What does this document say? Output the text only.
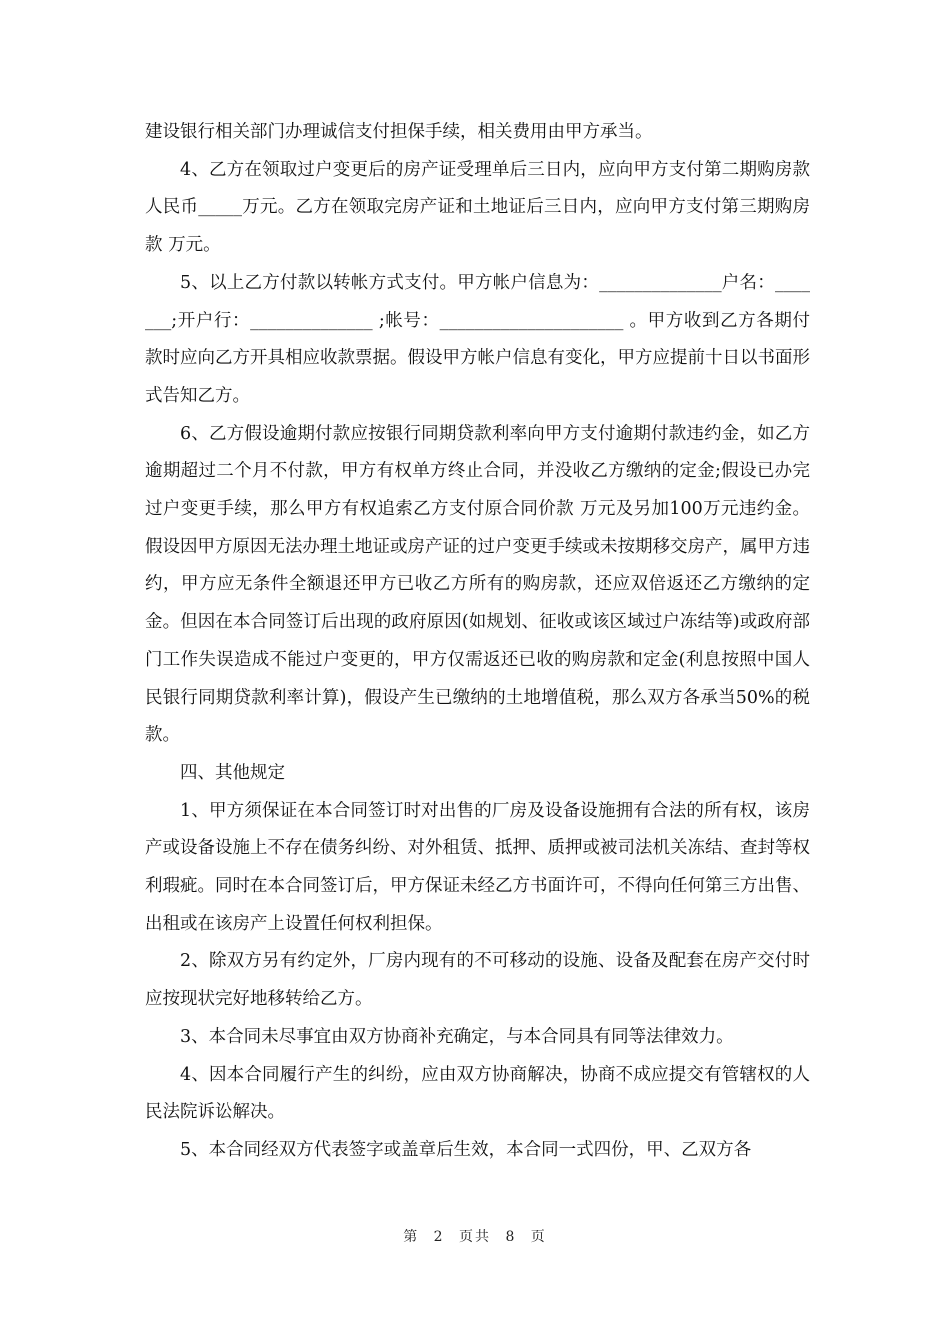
建设银行相关部门办理诚信支付担保手续，相关费用由甲方承当。

4、乙方在领取过户变更后的房产证受理单后三日内，应向甲方支付第二期购房款人民币_____万元。乙方在领取完房产证和土地证后三日内，应向甲方支付第三期购房款 万元。

5、以上乙方付款以转帐方式支付。甲方帐户信息为：______________户名：_______;开户行：______________ ;帐号：_____________________ 。甲方收到乙方各期付款时应向乙方开具相应收款票据。假设甲方帐户信息有变化，甲方应提前十日以书面形式告知乙方。

6、乙方假设逾期付款应按银行同期贷款利率向甲方支付逾期付款违约金，如乙方逾期超过二个月不付款，甲方有权单方终止合同，并没收乙方缴纳的定金;假设已办完过户变更手续，那么甲方有权追索乙方支付原合同价款 万元及另加100万元违约金。假设因甲方原因无法办理土地证或房产证的过户变更手续或未按期移交房产，属甲方违约，甲方应无条件全额退还甲方已收乙方所有的购房款，还应双倍返还乙方缴纳的定金。但因在本合同签订后出现的政府原因(如规划、征收或该区域过户冻结等)或政府部门工作失误造成不能过户变更的，甲方仅需返还已收的购房款和定金(利息按照中国人民银行同期贷款利率计算)，假设产生已缴纳的土地增值税，那么双方各承当50%的税款。

四、其他规定

1、甲方须保证在本合同签订时对出售的厂房及设备设施拥有合法的所有权，该房产或设备设施上不存在债务纠纷、对外租赁、抵押、质押或被司法机关冻结、查封等权利瑕疵。同时在本合同签订后，甲方保证未经乙方书面许可，不得向任何第三方出售、出租或在该房产上设置任何权利担保。

2、除双方另有约定外，厂房内现有的不可移动的设施、设备及配套在房产交付时应按现状完好地移转给乙方。

3、本合同未尽事宜由双方协商补充确定，与本合同具有同等法律效力。

4、因本合同履行产生的纠纷，应由双方协商解决，协商不成应提交有管辖权的人民法院诉讼解决。

5、本合同经双方代表签字或盖章后生效，本合同一式四份，甲、乙双方各

第 2 页共 8 页
